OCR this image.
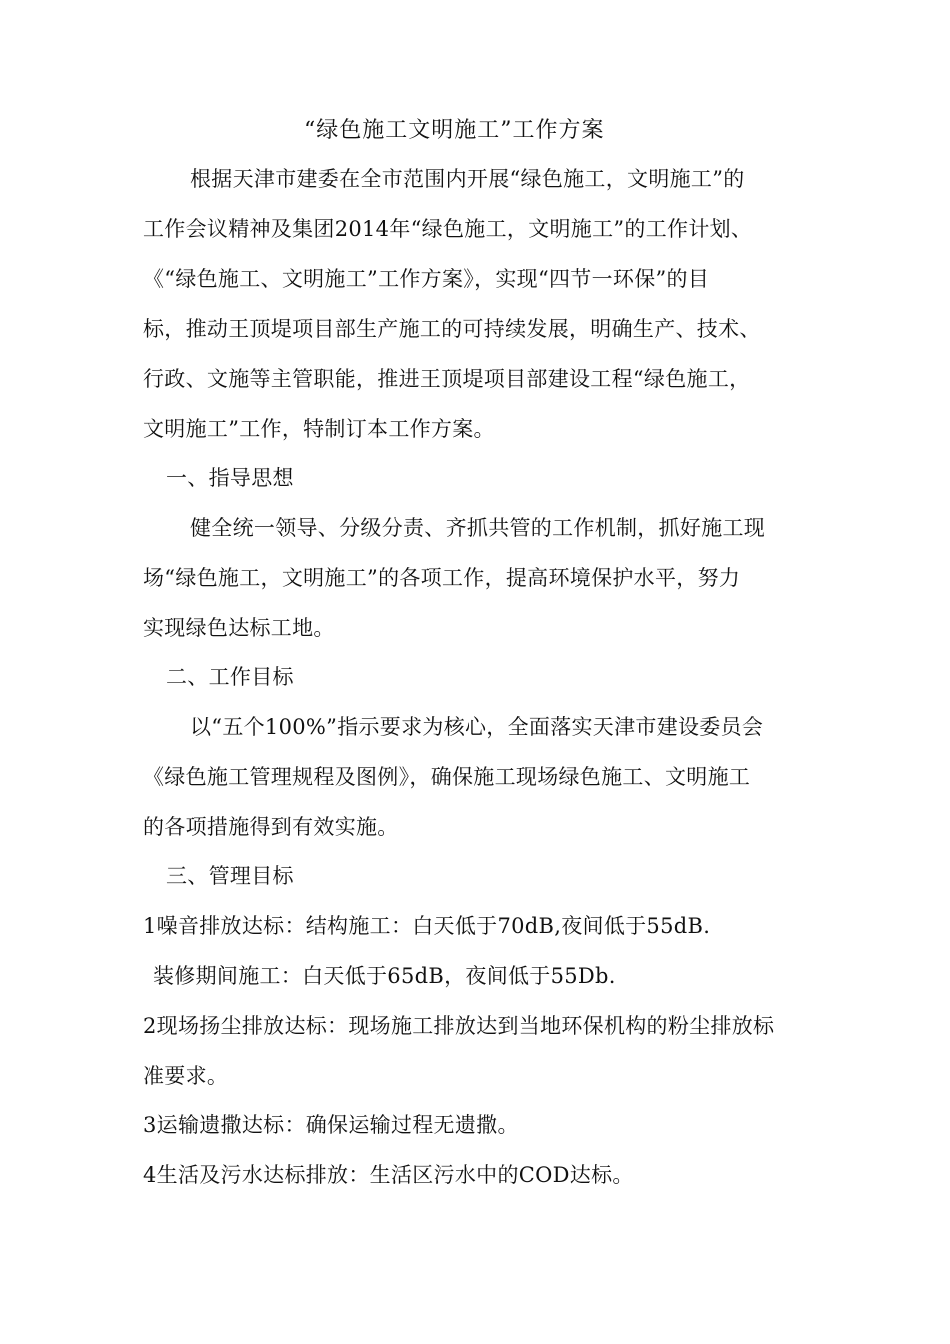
“绿色施工文明施工”工作方案
根据天津市建委在全市范围内开展“绿色施工，文明施工”的
工作会议精神及集团2014年“绿色施工，文明施工”的工作计划、
《“绿色施工、文明施工”工作方案》，实现“四节一环保”的目
标，推动王顶堤项目部生产施工的可持续发展，明确生产、技术、
行政、文施等主管职能，推进王顶堤项目部建设工程“绿色施工，
文明施工”工作，特制订本工作方案。
一、指导思想
健全统一领导、分级分责、齐抓共管的工作机制，抓好施工现
场“绿色施工，文明施工”的各项工作，提高环境保护水平，努力
实现绿色达标工地。
二、工作目标
以“五个100%”指示要求为核心，全面落实天津市建设委员会
《绿色施工管理规程及图例》，确保施工现场绿色施工、文明施工
的各项措施得到有效实施。
三、管理目标
1噪音排放达标：结构施工：白天低于70dB,夜间低于55dB.
装修期间施工：白天低于65dB，夜间低于55Db.
2现场扬尘排放达标：现场施工排放达到当地环保机构的粉尘排放标
准要求。
3运输遗撒达标：确保运输过程无遗撒。
4生活及污水达标排放：生活区污水中的COD达标。
